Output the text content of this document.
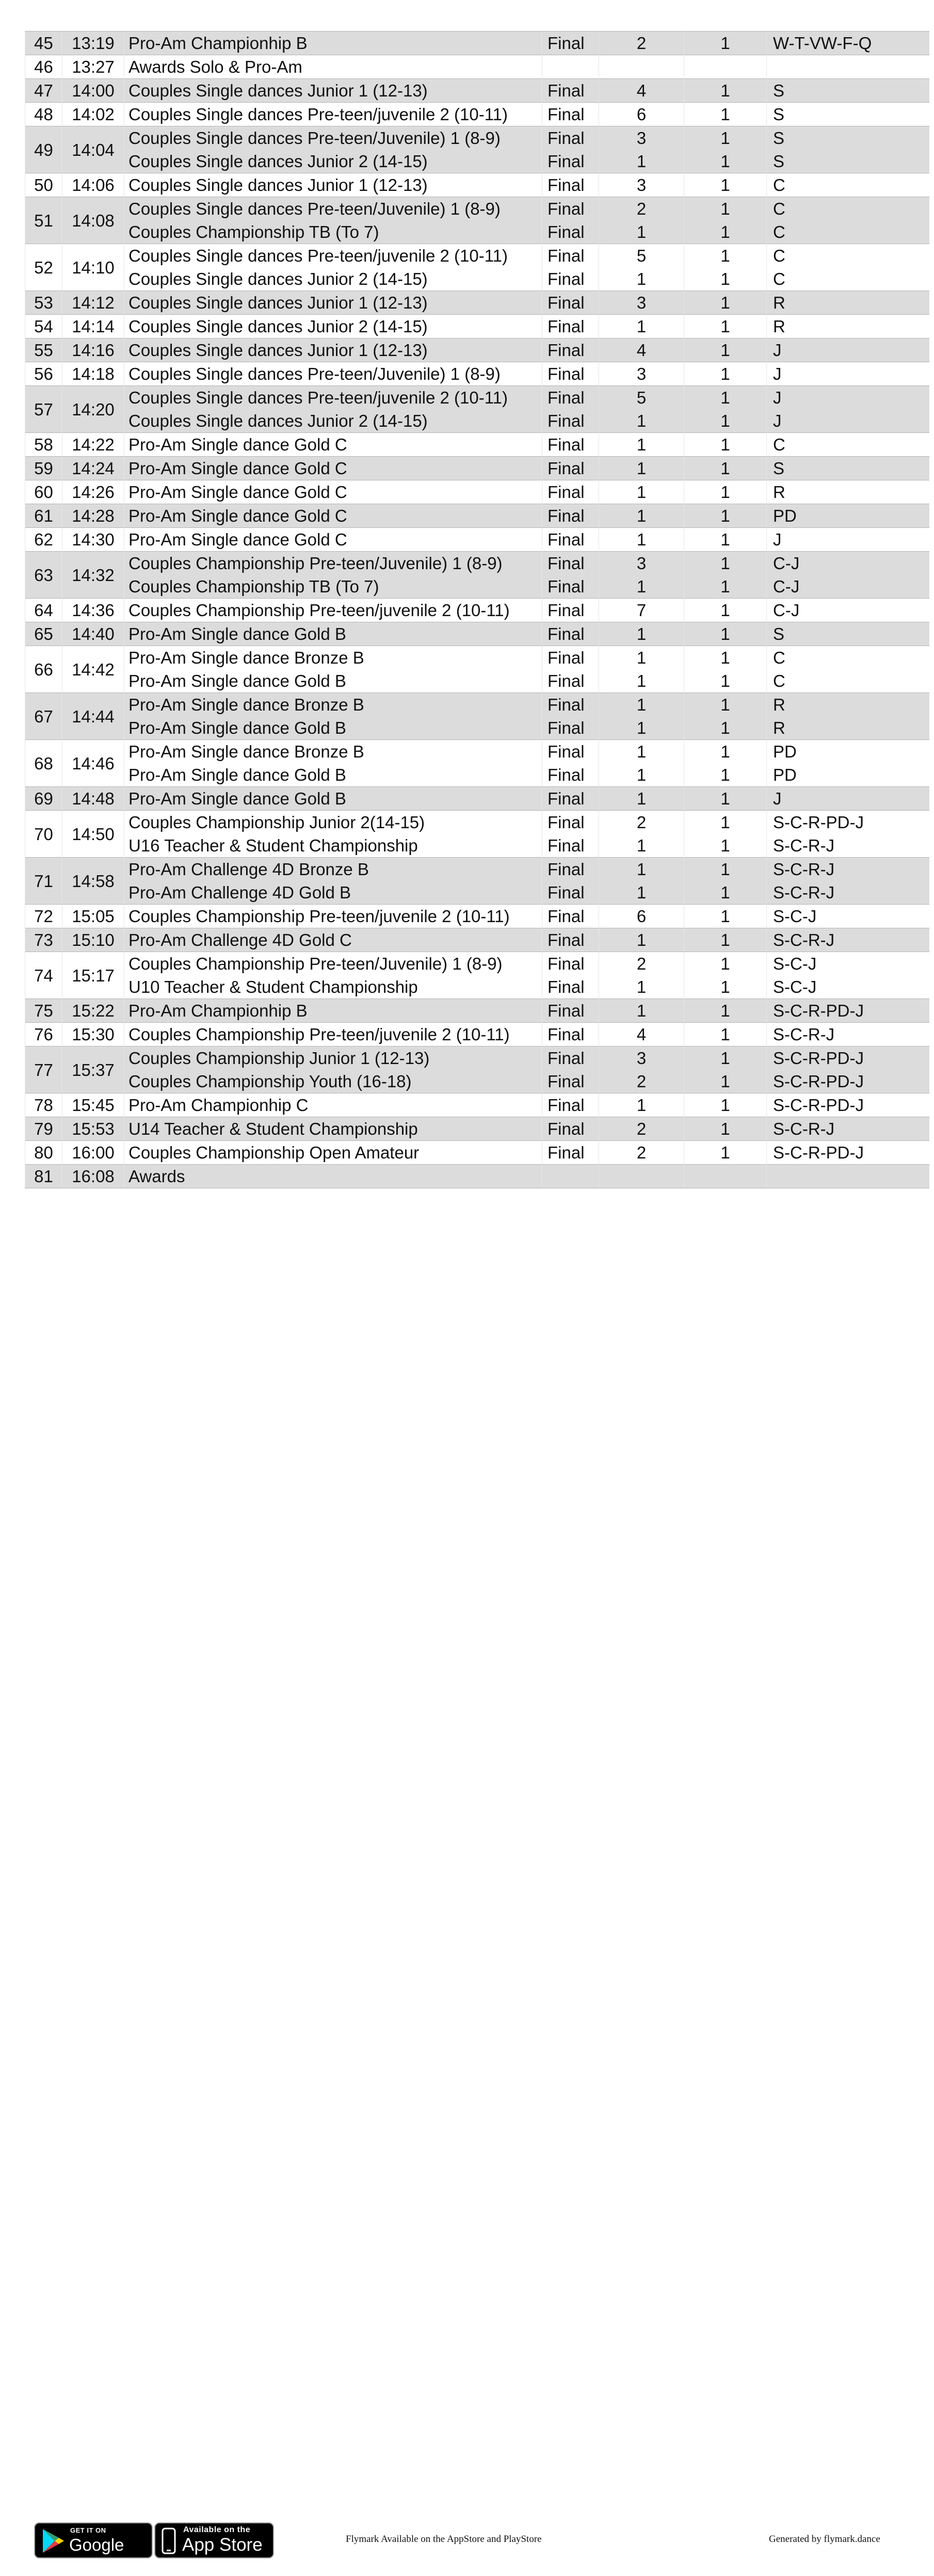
45	13:19	Pro-Am Championhip B	Final	2	1	W-T-VW-F-Q
46	13:27	Awards Solo & Pro-Am				
47	14:00	Couples Single dances Junior 1 (12-13)	Final	4	1	S
48	14:02	Couples Single dances Pre-teen/juvenile 2 (10-11)	Final	6	1	S
49	14:04	Couples Single dances Pre-teen/Juvenile) 1 (8-9)	Final	3	1	S
		Couples Single dances Junior 2 (14-15)	Final	1	1	S
50	14:06	Couples Single dances Junior 1 (12-13)	Final	3	1	C
51	14:08	Couples Single dances Pre-teen/Juvenile) 1 (8-9)	Final	2	1	C
		Couples Championship TB (To 7)	Final	1	1	C
52	14:10	Couples Single dances Pre-teen/juvenile 2 (10-11)	Final	5	1	C
		Couples Single dances Junior 2 (14-15)	Final	1	1	C
53	14:12	Couples Single dances Junior 1 (12-13)	Final	3	1	R
54	14:14	Couples Single dances Junior 2 (14-15)	Final	1	1	R
55	14:16	Couples Single dances Junior 1 (12-13)	Final	4	1	J
56	14:18	Couples Single dances Pre-teen/Juvenile) 1 (8-9)	Final	3	1	J
57	14:20	Couples Single dances Pre-teen/juvenile 2 (10-11)	Final	5	1	J
		Couples Single dances Junior 2 (14-15)	Final	1	1	J
58	14:22	Pro-Am Single dance Gold C	Final	1	1	C
59	14:24	Pro-Am Single dance Gold C	Final	1	1	S
60	14:26	Pro-Am Single dance Gold C	Final	1	1	R
61	14:28	Pro-Am Single dance Gold C	Final	1	1	PD
62	14:30	Pro-Am Single dance Gold C	Final	1	1	J
63	14:32	Couples Championship Pre-teen/Juvenile) 1 (8-9)	Final	3	1	C-J
		Couples Championship TB (To 7)	Final	1	1	C-J
64	14:36	Couples Championship Pre-teen/juvenile 2 (10-11)	Final	7	1	C-J
65	14:40	Pro-Am Single dance Gold B	Final	1	1	S
66	14:42	Pro-Am Single dance Bronze B	Final	1	1	C
		Pro-Am Single dance Gold B	Final	1	1	C
67	14:44	Pro-Am Single dance Bronze B	Final	1	1	R
		Pro-Am Single dance Gold B	Final	1	1	R
68	14:46	Pro-Am Single dance Bronze B	Final	1	1	PD
		Pro-Am Single dance Gold B	Final	1	1	PD
69	14:48	Pro-Am Single dance Gold B	Final	1	1	J
70	14:50	Couples Championship Junior 2(14-15)	Final	2	1	S-C-R-PD-J
		U16 Teacher & Student Championship	Final	1	1	S-C-R-J
71	14:58	Pro-Am Challenge 4D Bronze B	Final	1	1	S-C-R-J
		Pro-Am Challenge 4D Gold B	Final	1	1	S-C-R-J
72	15:05	Couples Championship Pre-teen/juvenile 2 (10-11)	Final	6	1	S-C-J
73	15:10	Pro-Am Challenge 4D Gold C	Final	1	1	S-C-R-J
74	15:17	Couples Championship Pre-teen/Juvenile) 1 (8-9)	Final	2	1	S-C-J
		U10 Teacher & Student Championship	Final	1	1	S-C-J
75	15:22	Pro-Am Championhip B	Final	1	1	S-C-R-PD-J
76	15:30	Couples Championship Pre-teen/juvenile 2 (10-11)	Final	4	1	S-C-R-J
77	15:37	Couples Championship Junior 1 (12-13)	Final	3	1	S-C-R-PD-J
		Couples Championship Youth (16-18)	Final	2	1	S-C-R-PD-J
78	15:45	Pro-Am Championhip C	Final	1	1	S-C-R-PD-J
79	15:53	U14 Teacher & Student Championship	Final	2	1	S-C-R-J
80	16:00	Couples Championship Open Amateur	Final	2	1	S-C-R-PD-J
81	16:08	Awards				
GET IT ON
Google Play
Available on the
App Store	Flymark Available on the AppStore and PlayStore	Generated by flymark.dance
